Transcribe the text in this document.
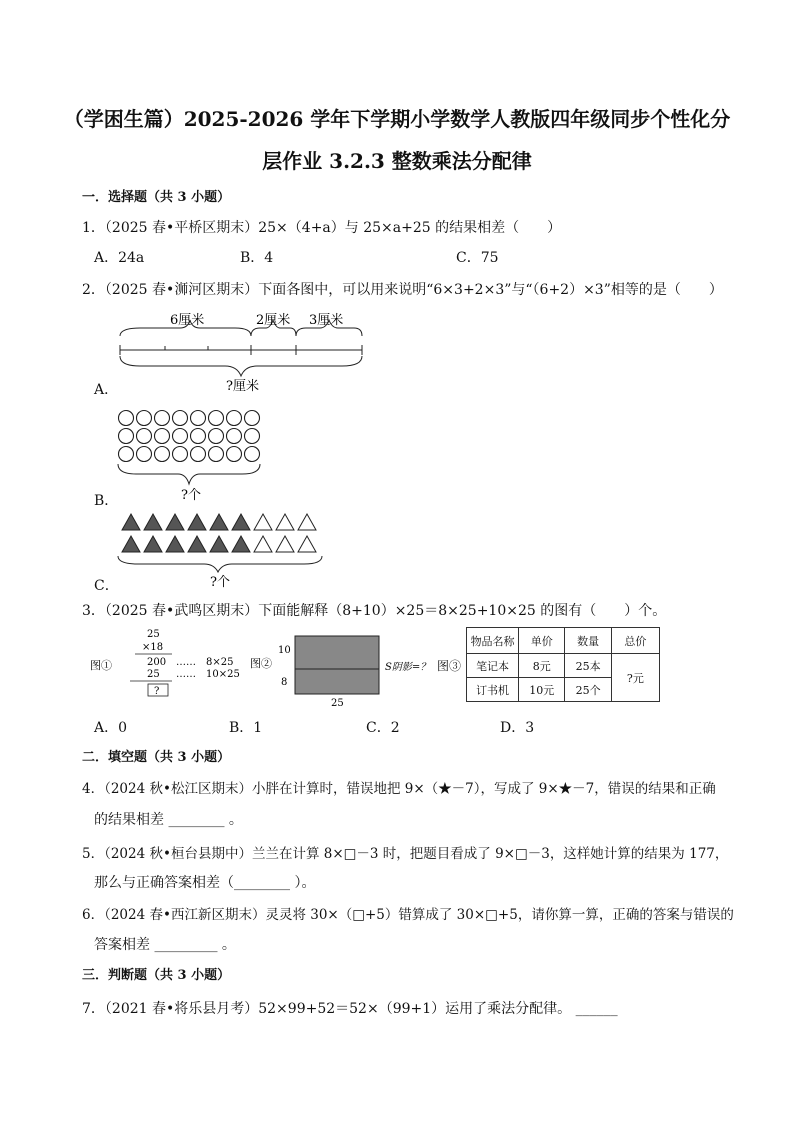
（学困生篇）2025-2026 学年下学期小学数学人教版四年级同步个性化分
层作业 3.2.3 整数乘法分配律
一．选择题（共 3 小题）
1．（2025 春•平桥区期末）25×（4+a）与 25×a+25 的结果相差（　　）
A．24a	B．4	C．75
2．（2025 春•浉河区期末）下面各图中，可以用来说明“6×3+2×3”与“（6+2）×3”相等的是（　　）
A．
6厘米	2厘米 3厘米
?厘米
B．	?个
C．	?个
3．（2025 春•武鸣区期末）下面能解释（8+10）×25＝8×25+10×25 的图有（　　）个。
图①
25
×18
200
25
……　8×25
……　10×25
?
图②
10
8
25
S阴影=？ 图③
物品名称	单价	数量	总价
笔记本	8元	25本	?元
订书机	10元	25个	
A．0	B．1	C．2	D．3
二．填空题（共 3 小题）
4．（2024 秋•松江区期末）小胖在计算时，错误地把 9×（★－7），写成了 9×★－7，错误的结果和正确
的结果相差 ________ 。
5．（2024 秋•桓台县期中）兰兰在计算 8×□－3 时，把题目看成了 9×□－3，这样她计算的结果为 177，
那么与正确答案相差（________ ）。
6．（2024 春•西江新区期末）灵灵将 30×（□+5）错算成了 30×□+5，请你算一算，正确的答案与错误的
答案相差 _________ 。
三．判断题（共 3 小题）
7．（2021 春•将乐县月考）52×99+52＝52×（99+1）运用了乘法分配律。 ______
